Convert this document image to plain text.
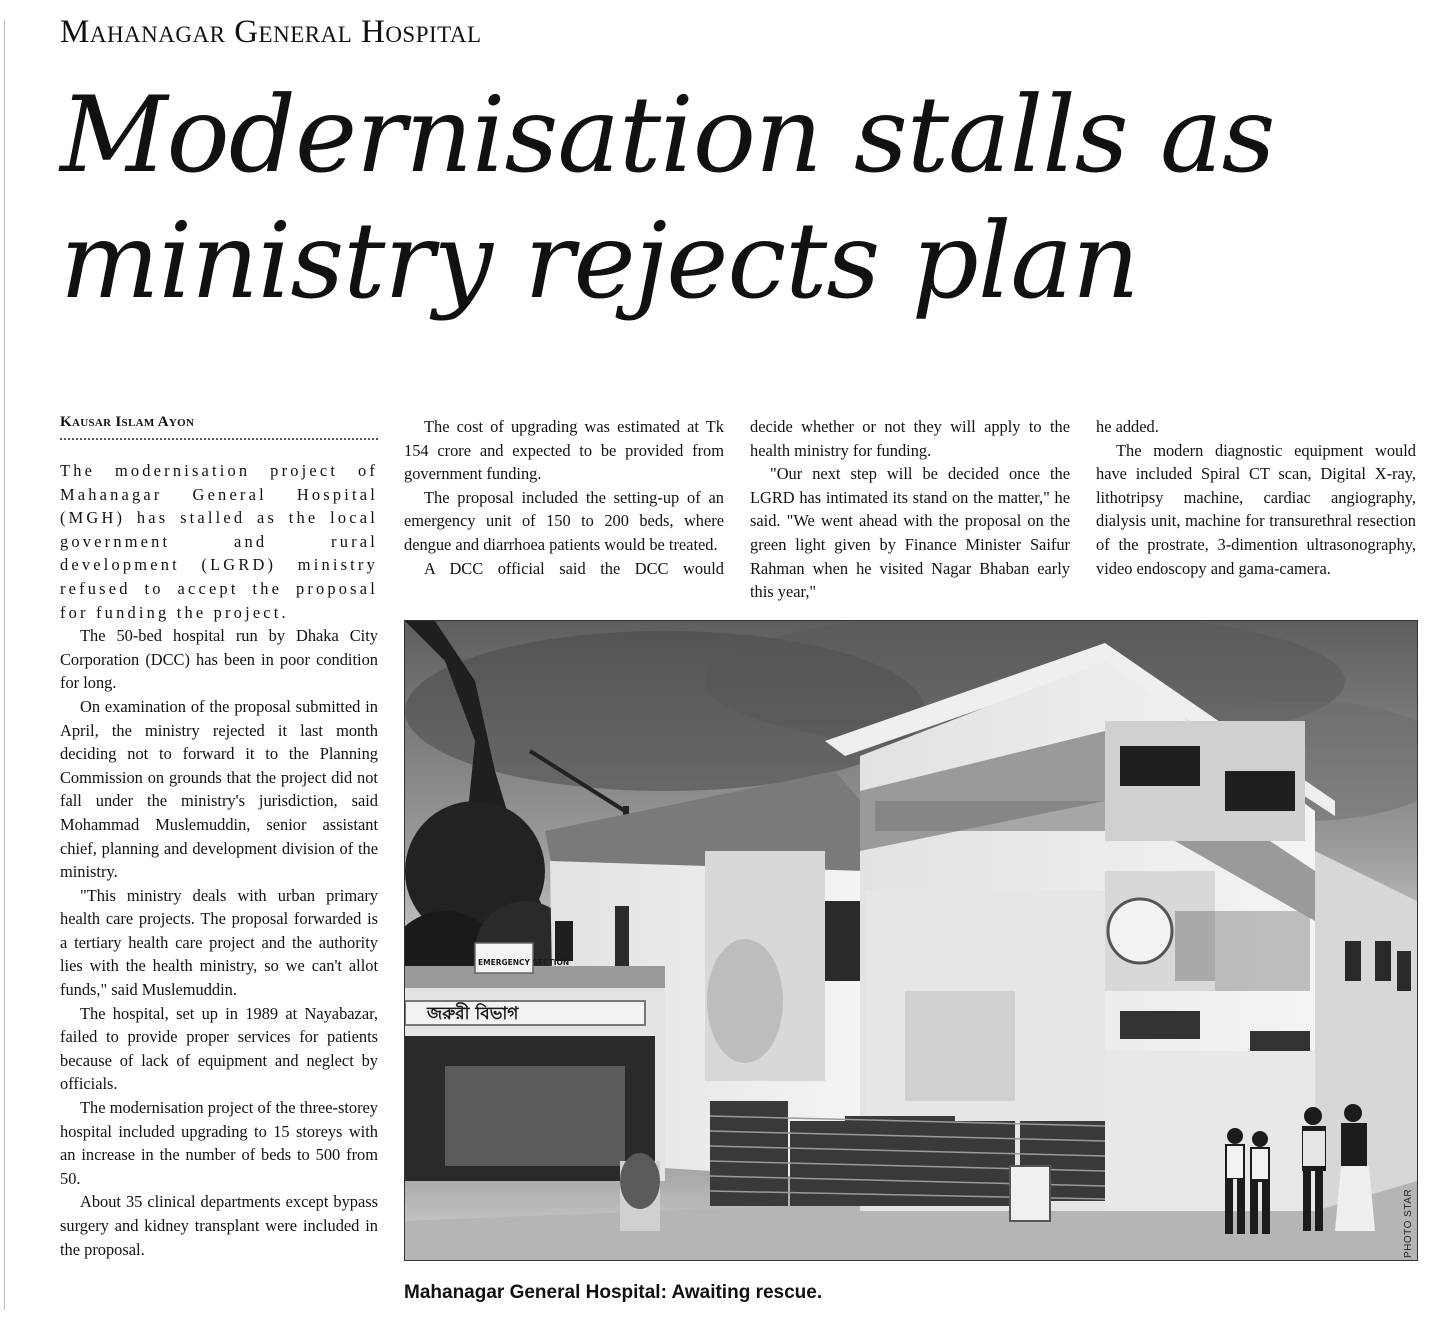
Mahanagar General Hospital
Modernisation stalls as
ministry rejects plan
Kausar Islam Ayon

The modernisation project of Mahanagar General Hospital (MGH) has stalled as the local government and rural development (LGRD) ministry refused to accept the proposal for funding the project.

The 50-bed hospital run by Dhaka City Corporation (DCC) has been in poor condition for long.

On examination of the proposal submitted in April, the ministry rejected it last month deciding not to forward it to the Planning Commission on grounds that the project did not fall under the ministry's jurisdiction, said Mohammad Muslemuddin, senior assistant chief, planning and development division of the ministry.

"This ministry deals with urban primary health care projects. The proposal forwarded is a tertiary health care project and the authority lies with the health ministry, so we can't allot funds," said Muslemuddin.

The hospital, set up in 1989 at Nayabazar, failed to provide proper services for patients because of lack of equipment and neglect by officials.

The modernisation project of the three-storey hospital included upgrading to 15 storeys with an increase in the number of beds to 500 from 50.

About 35 clinical departments except bypass surgery and kidney transplant were included in the proposal.

The cost of upgrading was estimated at Tk 154 crore and expected to be provided from government funding.

The proposal included the setting-up of an emergency unit of 150 to 200 beds, where dengue and diarrhoea patients would be treated.

A DCC official said the DCC would

decide whether or not they will apply to the health ministry for funding.

"Our next step will be decided once the LGRD has intimated its stand on the matter," he said. "We went ahead with the proposal on the green light given by Finance Minister Saifur Rahman when he visited Nagar Bhaban early this year,"

he added.

The modern diagnostic equipment would have included Spiral CT scan, Digital X-ray, lithotripsy machine, cardiac angiography, dialysis unit, machine for transurethral resection of the prostrate, 3-dimention ultrasonography, video endoscopy and gama-camera.

জরুরী বিভাগ
EMERGENCY SECTION
PHOTO STAR
Mahanagar General Hospital: Awaiting rescue.
